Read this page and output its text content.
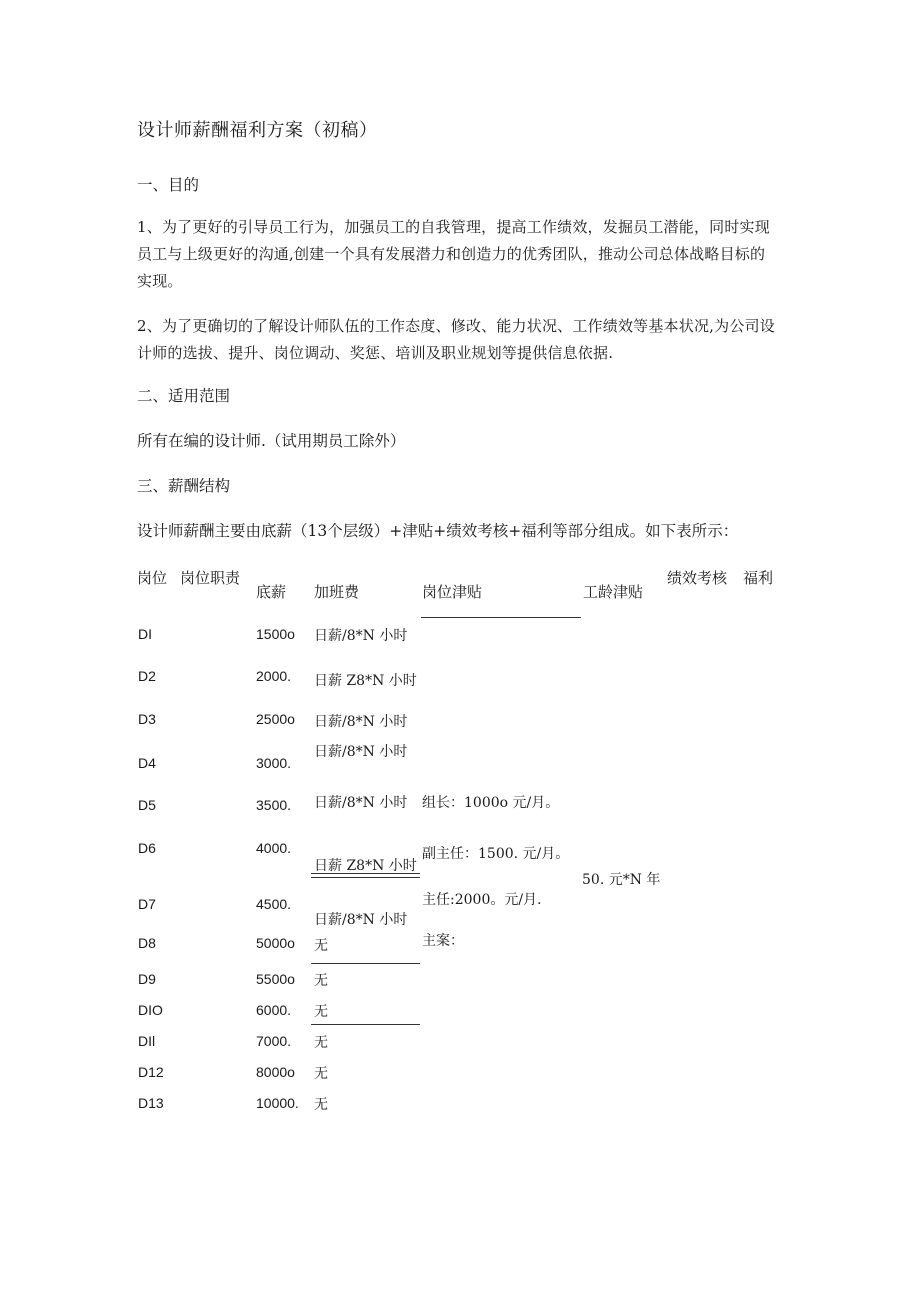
设计师薪酬福利方案（初稿）
一、目的
1、为了更好的引导员工行为，加强员工的自我管理，提高工作绩效，发掘员工潜能，同时实现员工与上级更好的沟通,创建一个具有发展潜力和创造力的优秀团队，推动公司总体战略目标的实现。
2、为了更确切的了解设计师队伍的工作态度、修改、能力状况、工作绩效等基本状况,为公司设计师的选拔、提升、岗位调动、奖惩、培训及职业规划等提供信息依据.
二、适用范围
所有在编的设计师.（试用期员工除外）
三、薪酬结构
设计师薪酬主要由底薪（13个层级）+津贴+绩效考核+福利等部分组成。如下表所示：
岗位 岗位职责
底薪 加班费	岗位津贴	工龄津贴
绩效考核 福利
DI
D2
D3
D4
D5
D6
D7
D8
D9
DIO
DIl
D12
D13
1500o
2000.
2500o
3000.
3500.
4000.
4500.
5000o
5500o
6000.
7000.
8000o
10000.
日薪/8*N 小时
日薪 Z8*N 小时
日薪/8*N 小时
日薪/8*N 小时
日薪/8*N 小时
日薪 Z8*N 小时
日薪/8*N 小时
无
无
无
无
无
无
组长：1000o 元/月。
副主任：1500. 元/月。
主任:2000。元/月.
主案：
50. 元*N 年
